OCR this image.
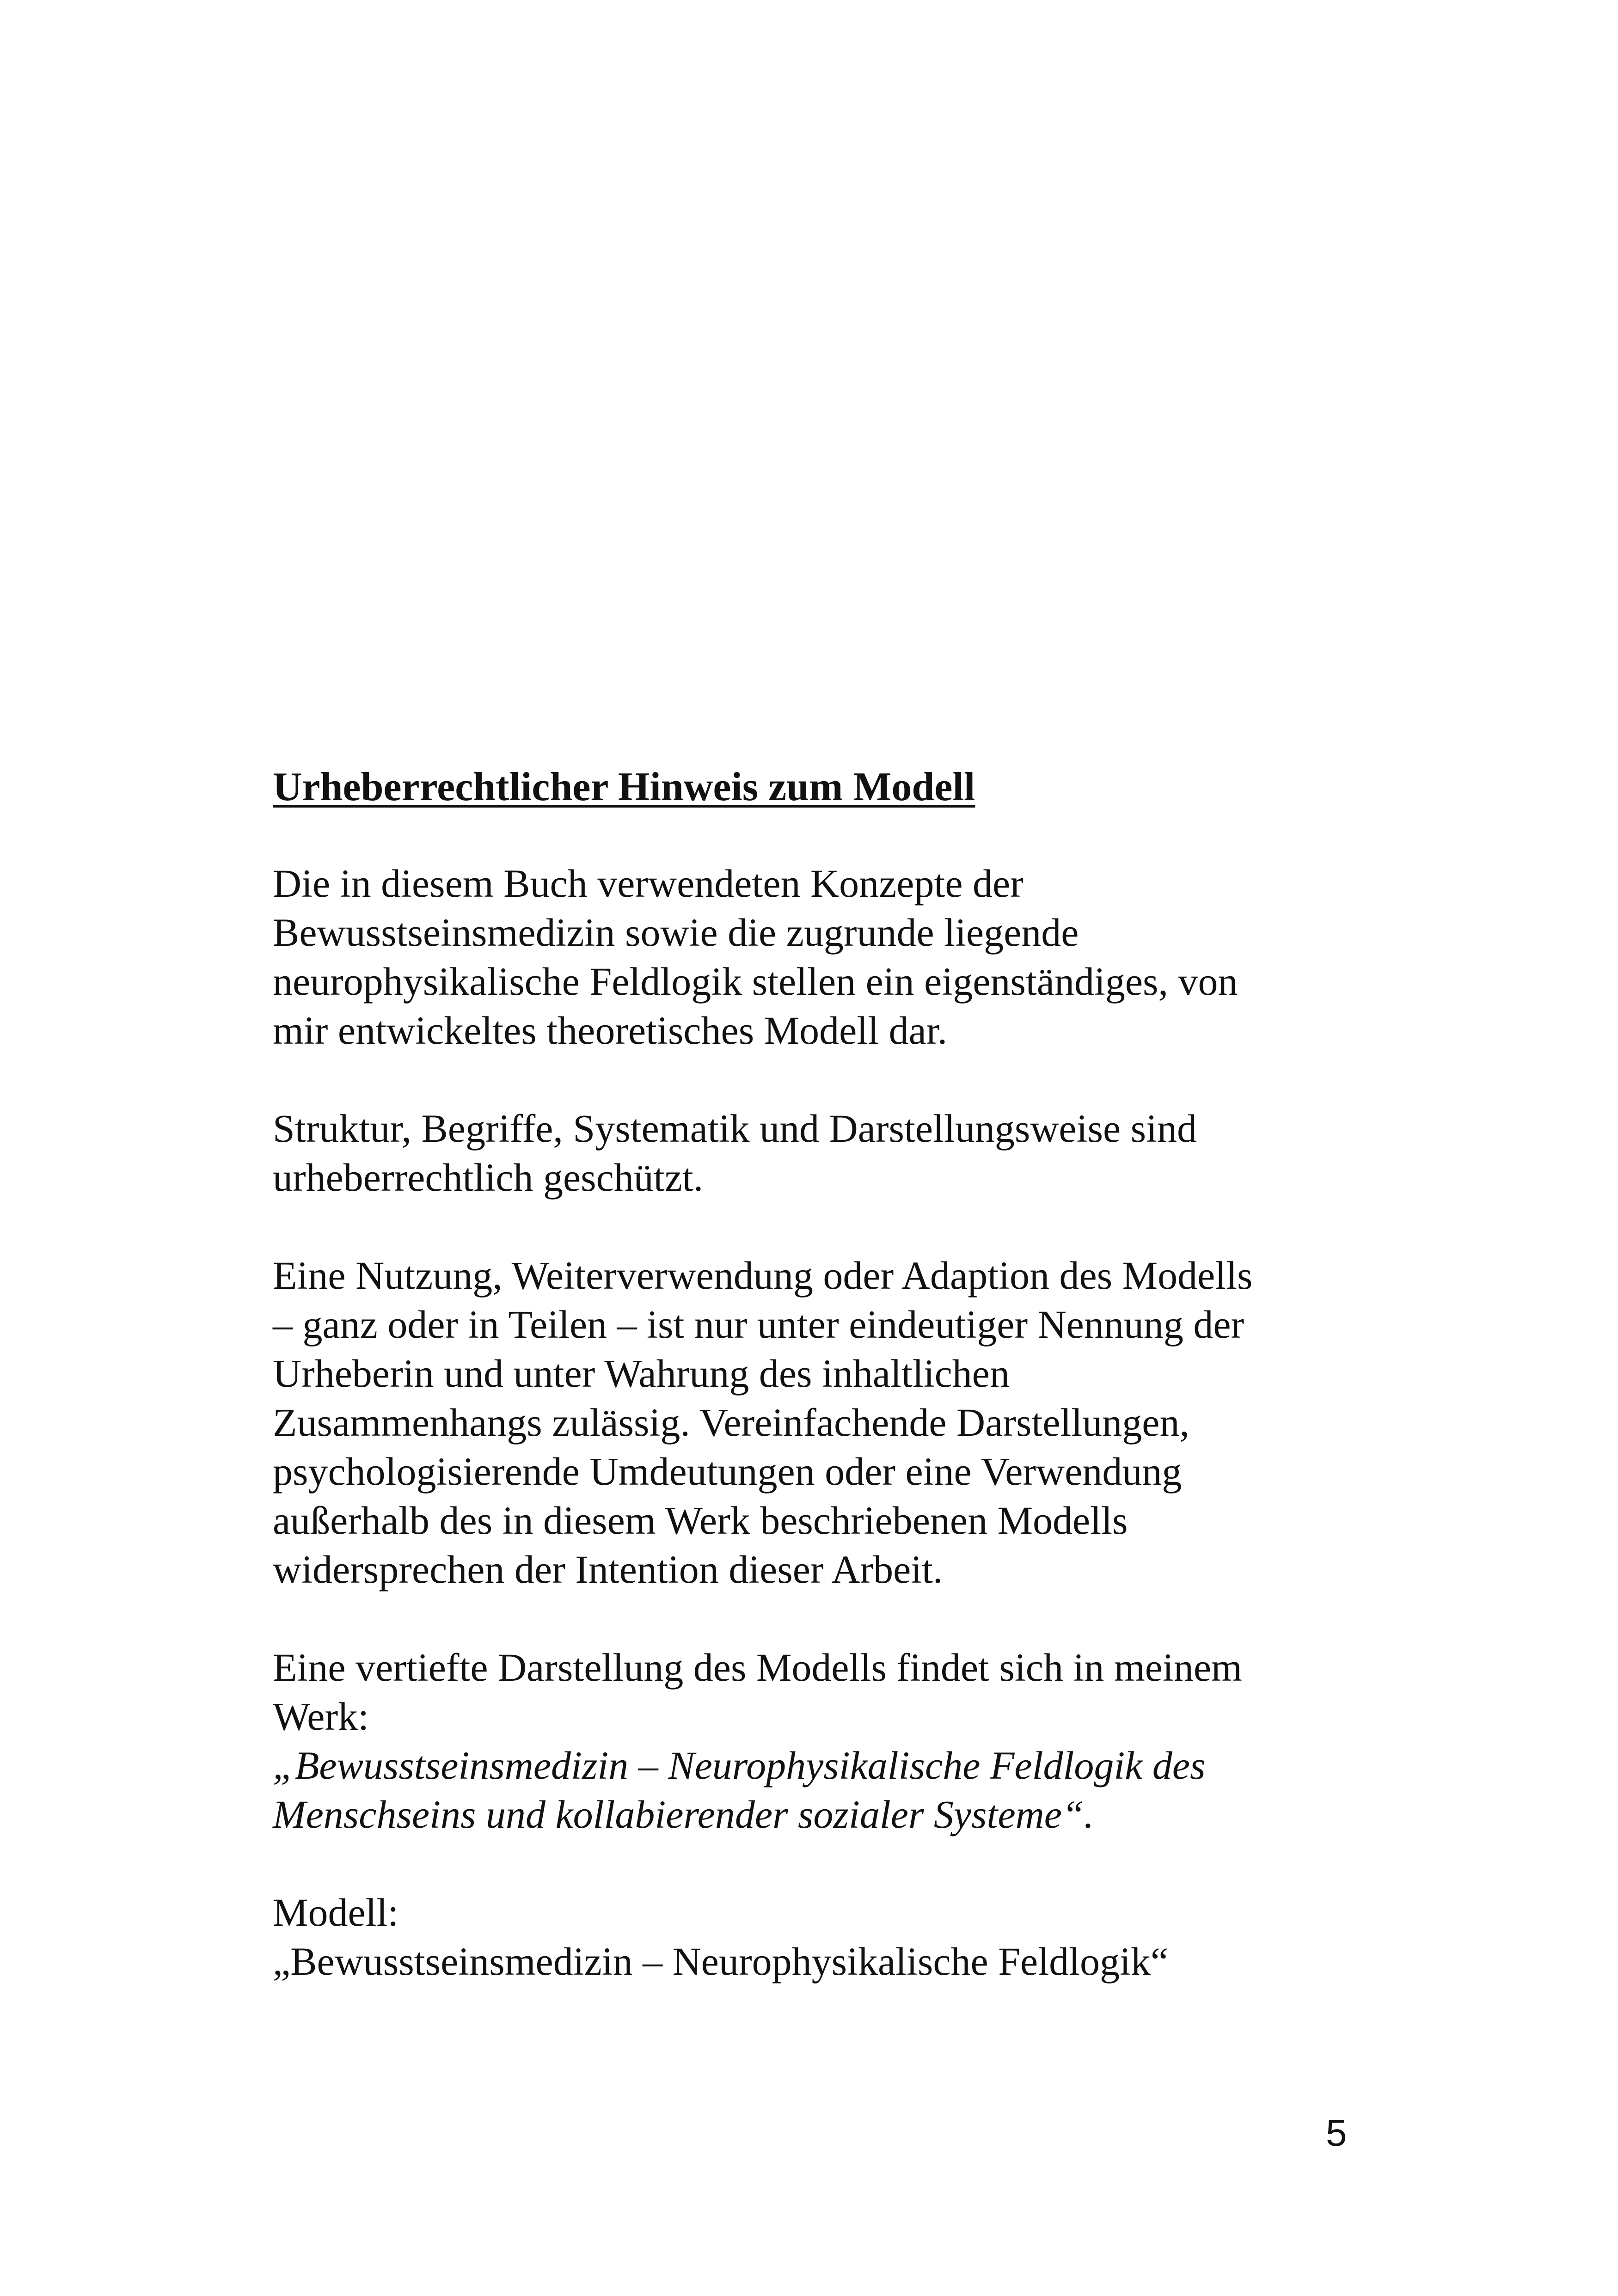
Urheberrechtlicher Hinweis zum Modell
Die in diesem Buch verwendeten Konzepte der
Bewusstseinsmedizin sowie die zugrunde liegende
neurophysikalische Feldlogik stellen ein eigenständiges, von
mir entwickeltes theoretisches Modell dar.
Struktur, Begriffe, Systematik und Darstellungsweise sind
urheberrechtlich geschützt.
Eine Nutzung, Weiterverwendung oder Adaption des Modells
– ganz oder in Teilen – ist nur unter eindeutiger Nennung der
Urheberin und unter Wahrung des inhaltlichen
Zusammenhangs zulässig. Vereinfachende Darstellungen,
psychologisierende Umdeutungen oder eine Verwendung
außerhalb des in diesem Werk beschriebenen Modells
widersprechen der Intention dieser Arbeit.
Eine vertiefte Darstellung des Modells findet sich in meinem
Werk:
„Bewusstseinsmedizin – Neurophysikalische Feldlogik des
Menschseins und kollabierender sozialer Systeme“.
Modell:
„Bewusstseinsmedizin – Neurophysikalische Feldlogik“
5
